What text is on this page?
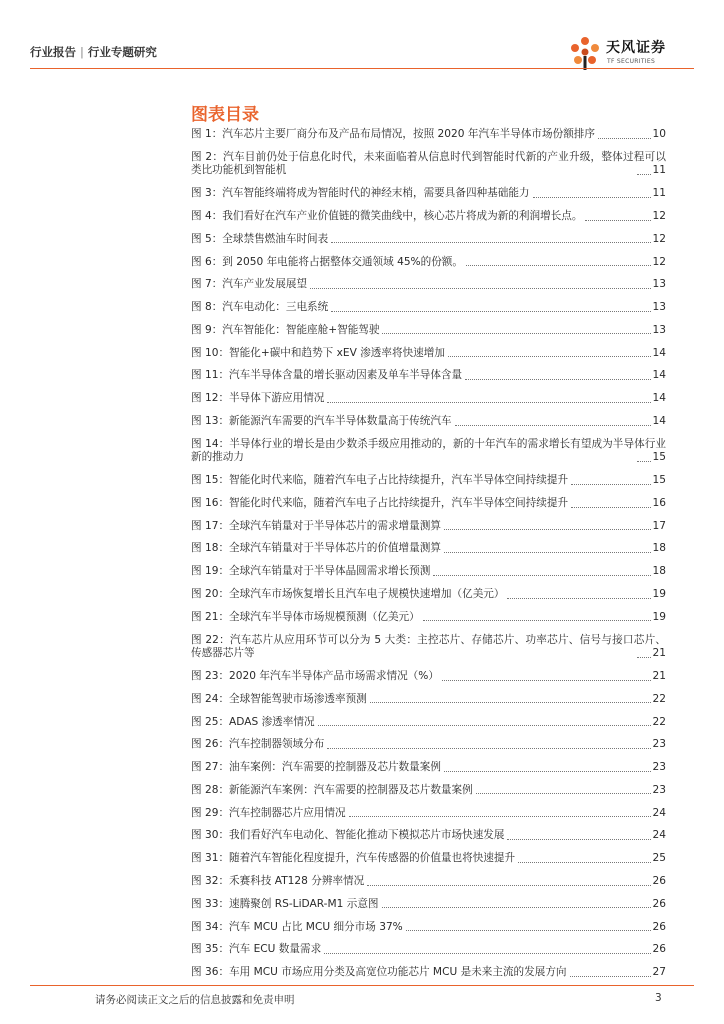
行业报告 | 行业专题研究	天风证券
TF SECURITIES
图表目录
图 1：汽车芯片主要厂商分布及产品布局情况，按照 2020 年汽车半导体市场份额排序	10
图 2：汽车目前仍处于信息化时代，未来面临着从信息时代到智能时代新的产业升级，整体过程可以类比功能机到智能机	11
图 3：汽车智能终端将成为智能时代的神经末梢，需要具备四种基础能力	11
图 4：我们看好在汽车产业价值链的微笑曲线中，核心芯片将成为新的利润增长点。	12
图 5：全球禁售燃油车时间表	12
图 6：到 2050 年电能将占据整体交通领域 45%的份额。	12
图 7：汽车产业发展展望	13
图 8：汽车电动化：三电系统	13
图 9：汽车智能化：智能座舱+智能驾驶	13
图 10：智能化+碳中和趋势下 xEV 渗透率将快速增加	14
图 11：汽车半导体含量的增长驱动因素及单车半导体含量	14
图 12：半导体下游应用情况	14
图 13：新能源汽车需要的汽车半导体数量高于传统汽车	14
图 14：半导体行业的增长是由少数杀手级应用推动的，新的十年汽车的需求增长有望成为半导体行业新的推动力	15
图 15：智能化时代来临，随着汽车电子占比持续提升，汽车半导体空间持续提升	15
图 16：智能化时代来临，随着汽车电子占比持续提升，汽车半导体空间持续提升	16
图 17：全球汽车销量对于半导体芯片的需求增量测算	17
图 18：全球汽车销量对于半导体芯片的价值增量测算	18
图 19：全球汽车销量对于半导体晶圆需求增长预测	18
图 20：全球汽车市场恢复增长且汽车电子规模快速增加（亿美元）	19
图 21：全球汽车半导体市场规模预测（亿美元）	19
图 22：汽车芯片从应用环节可以分为 5 大类：主控芯片、存储芯片、功率芯片、信号与接口芯片、传感器芯片等	21
图 23：2020 年汽车半导体产品市场需求情况（%）	21
图 24：全球智能驾驶市场渗透率预测	22
图 25：ADAS 渗透率情况	22
图 26：汽车控制器领域分布	23
图 27：油车案例：汽车需要的控制器及芯片数量案例	23
图 28：新能源汽车案例：汽车需要的控制器及芯片数量案例	23
图 29：汽车控制器芯片应用情况	24
图 30：我们看好汽车电动化、智能化推动下模拟芯片市场快速发展	24
图 31：随着汽车智能化程度提升，汽车传感器的价值量也将快速提升	25
图 32：禾赛科技 AT128 分辨率情况	26
图 33：速腾聚创 RS-LiDAR-M1 示意图	26
图 34：汽车 MCU 占比 MCU 细分市场 37%	26
图 35：汽车 ECU 数量需求	26
图 36：车用 MCU 市场应用分类及高宽位功能芯片 MCU 是未来主流的发展方向	27
请务必阅读正文之后的信息披露和免责申明	3
